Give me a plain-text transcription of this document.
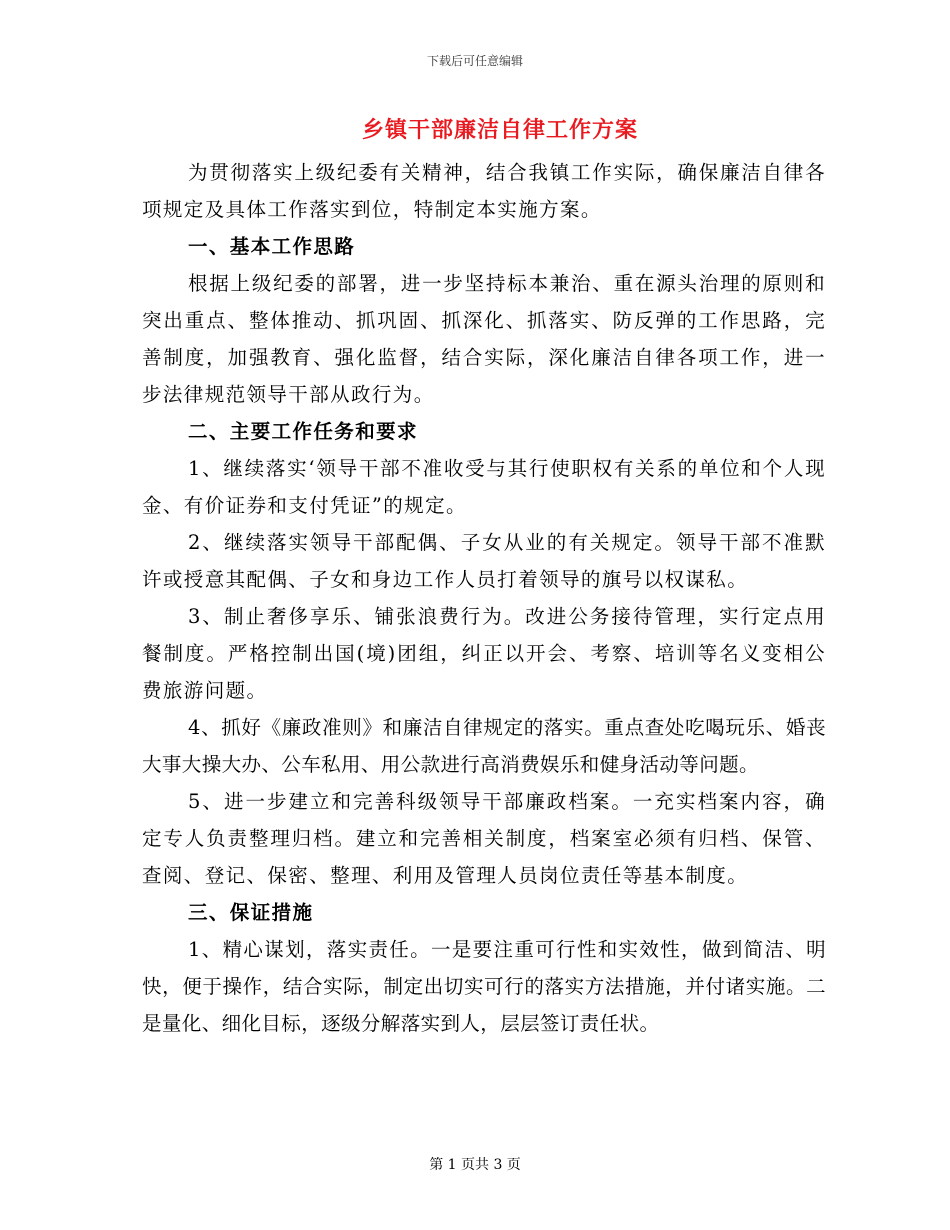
下载后可任意编辑
乡镇干部廉洁自律工作方案

为贯彻落实上级纪委有关精神，结合我镇工作实际，确保廉洁自律各项规定及具体工作落实到位，特制定本实施方案。

一、基本工作思路

根据上级纪委的部署，进一步坚持标本兼治、重在源头治理的原则和突出重点、整体推动、抓巩固、抓深化、抓落实、防反弹的工作思路，完善制度，加强教育、强化监督，结合实际，深化廉洁自律各项工作，进一步法律规范领导干部从政行为。

二、主要工作任务和要求

1、继续落实‘领导干部不准收受与其行使职权有关系的单位和个人现金、有价证券和支付凭证”的规定。

2、继续落实领导干部配偶、子女从业的有关规定。领导干部不准默许或授意其配偶、子女和身边工作人员打着领导的旗号以权谋私。

3、制止奢侈享乐、铺张浪费行为。改进公务接待管理，实行定点用餐制度。严格控制出国(境)团组，纠正以开会、考察、培训等名义变相公费旅游问题。

4、抓好《廉政准则》和廉洁自律规定的落实。重点查处吃喝玩乐、婚丧大事大操大办、公车私用、用公款进行高消费娱乐和健身活动等问题。

5、进一步建立和完善科级领导干部廉政档案。一充实档案内容，确定专人负责整理归档。建立和完善相关制度，档案室必须有归档、保管、查阅、登记、保密、整理、利用及管理人员岗位责任等基本制度。

三、保证措施

1、精心谋划，落实责任。一是要注重可行性和实效性，做到简洁、明快，便于操作，结合实际，制定出切实可行的落实方法措施，并付诸实施。二是量化、细化目标，逐级分解落实到人，层层签订责任状。

第 1 页共 3 页
